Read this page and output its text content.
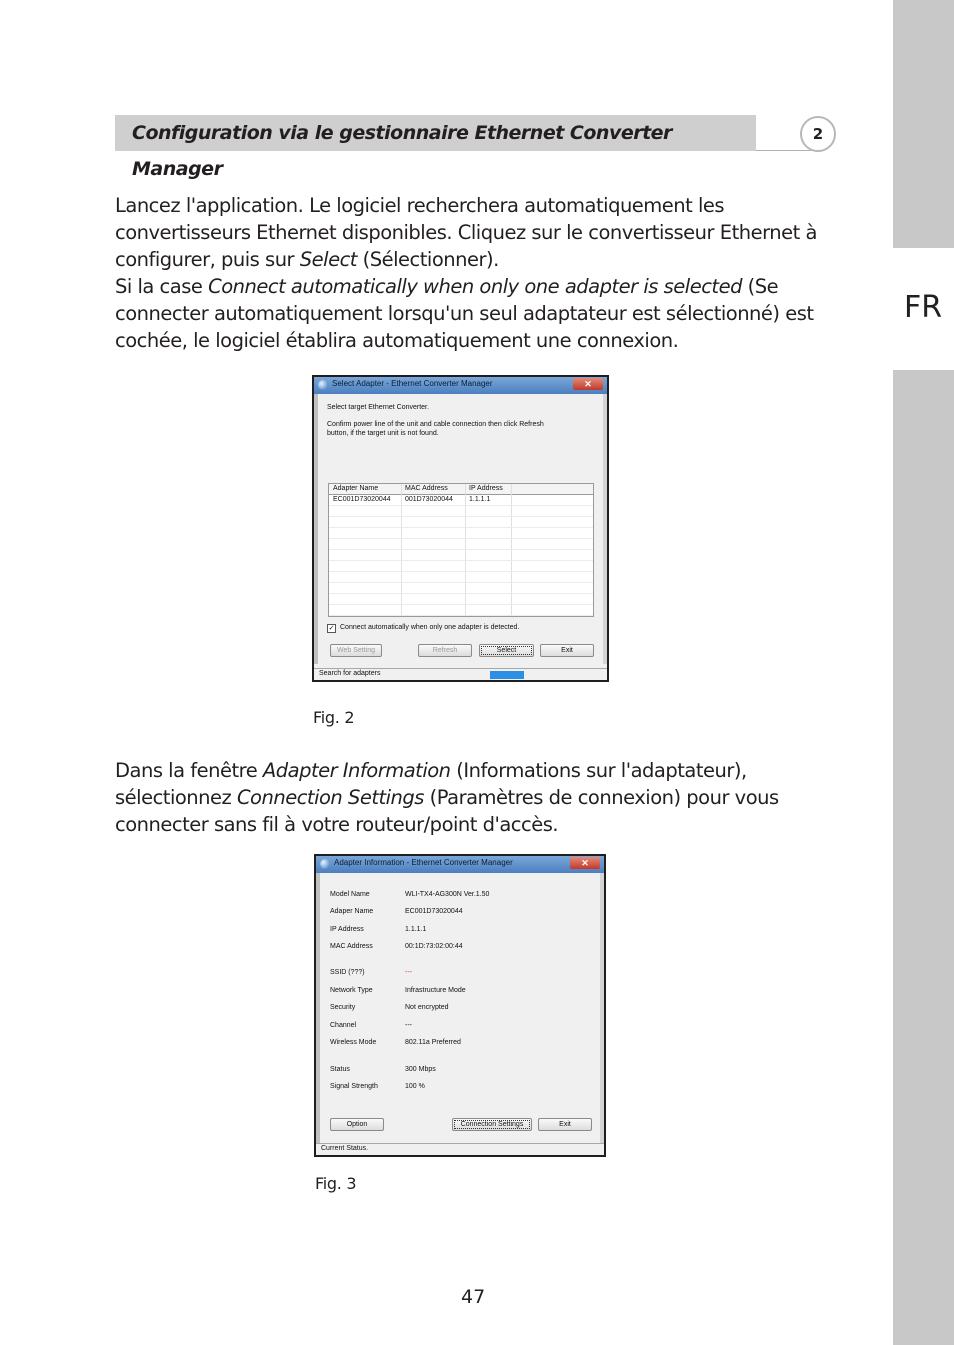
FR
Configuration via le gestionnaire Ethernet Converter Manager
2

Lancez l'application. Le logiciel recherchera automatiquement les
convertisseurs Ethernet disponibles. Cliquez sur le convertisseur Ethernet à
configurer, puis sur Select (Sélectionner).
Si la case Connect automatically when only one adapter is selected (Se
connecter automatiquement lorsqu'un seul adaptateur est sélectionné) est
cochée, le logiciel établira automatiquement une connexion.

Select Adapter - Ethernet Converter Manager	✕
Select target Ethernet Converter.
Confirm power line of the unit and cable connection then click Refresh
button, if the target unit is not found.
Adapter Name	MAC Address	IP Address
EC001D73020044 001D73020044 1.1.1.1
✓ Connect automatically when only one adapter is detected.
Web Setting	Refresh	Select	Exit
Search for adapters
Fig. 2

Dans la fenêtre Adapter Information (Informations sur l'adaptateur),
sélectionnez Connection Settings (Paramètres de connexion) pour vous
connecter sans fil à votre routeur/point d'accès.

Adapter Information - Ethernet Converter Manager	✕
Model Name	WLI-TX4-AG300N Ver.1.50
Adaper Name	EC001D73020044
IP Address	1.1.1.1
MAC Address	00:1D:73:02:00:44
SSID (???)	---
Network Type	Infrastructure Mode
Security	Not encrypted
Channel	---
Wireless Mode	802.11a Preferred
Status	300 Mbps
Signal Strength	100 %
Option	Connection Settings	Exit
Current Status.
Fig. 3
47
